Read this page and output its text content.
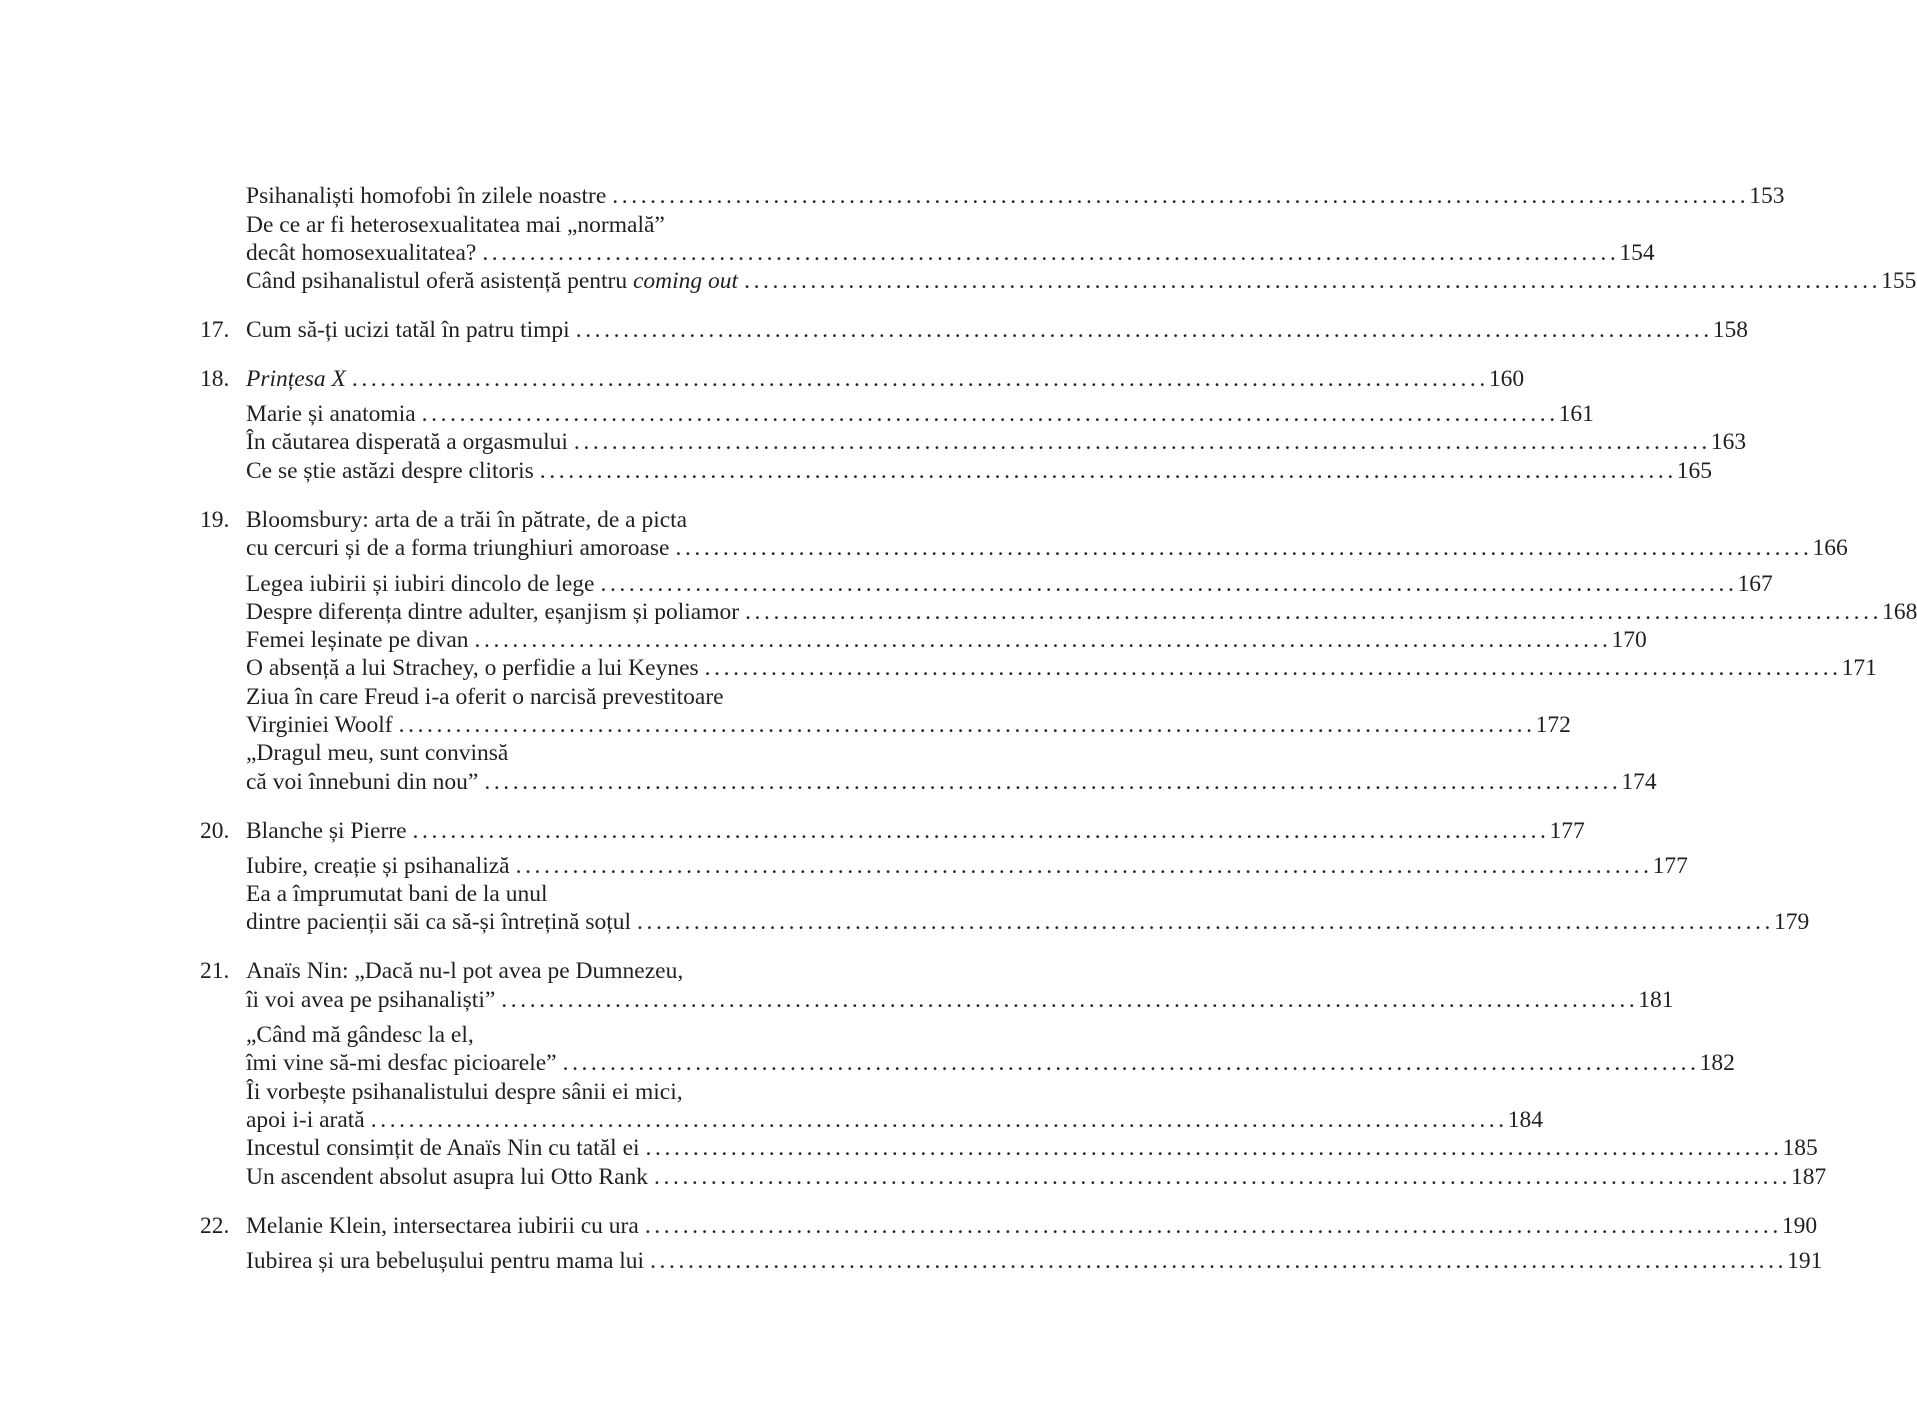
Psihanaliști homofobi în zilele noastre ........................................................................................................................ 153
De ce ar fi heterosexualitatea mai „normală”
decât homosexualitatea? ........................................................................................................................ 154
Când psihanalistul oferă asistență pentru coming out ........................................................................................................................ 155
17. Cum să-ți ucizi tatăl în patru timpi ........................................................................................................................ 158
18. Prințesa X ........................................................................................................................ 160
Marie și anatomia ........................................................................................................................ 161
În căutarea disperată a orgasmului ........................................................................................................................ 163
Ce se știe astăzi despre clitoris ........................................................................................................................ 165
19. Bloomsbury: arta de a trăi în pătrate, de a picta
cu cercuri și de a forma triunghiuri amoroase ........................................................................................................................ 166
Legea iubirii și iubiri dincolo de lege ........................................................................................................................ 167
Despre diferența dintre adulter, eșanjism și poliamor ........................................................................................................................ 168
Femei leșinate pe divan ........................................................................................................................ 170
O absență a lui Strachey, o perfidie a lui Keynes ........................................................................................................................ 171
Ziua în care Freud i-a oferit o narcisă prevestitoare
Virginiei Woolf ........................................................................................................................ 172
„Dragul meu, sunt convinsă
că voi înnebuni din nou” ........................................................................................................................ 174
20. Blanche și Pierre ........................................................................................................................ 177
Iubire, creație și psihanaliză ........................................................................................................................ 177
Ea a împrumutat bani de la unul
dintre pacienții săi ca să-și întrețină soțul ........................................................................................................................ 179
21. Anaïs Nin: „Dacă nu-l pot avea pe Dumnezeu,
îi voi avea pe psihanaliști” ........................................................................................................................ 181
„Când mă gândesc la el,
îmi vine să-mi desfac picioarele” ........................................................................................................................ 182
Îi vorbește psihanalistului despre sânii ei mici,
apoi i-i arată ........................................................................................................................ 184
Incestul consimțit de Anaïs Nin cu tatăl ei ........................................................................................................................ 185
Un ascendent absolut asupra lui Otto Rank ........................................................................................................................ 187
22. Melanie Klein, intersectarea iubirii cu ura ........................................................................................................................ 190
Iubirea și ura bebelușului pentru mama lui ........................................................................................................................ 191
